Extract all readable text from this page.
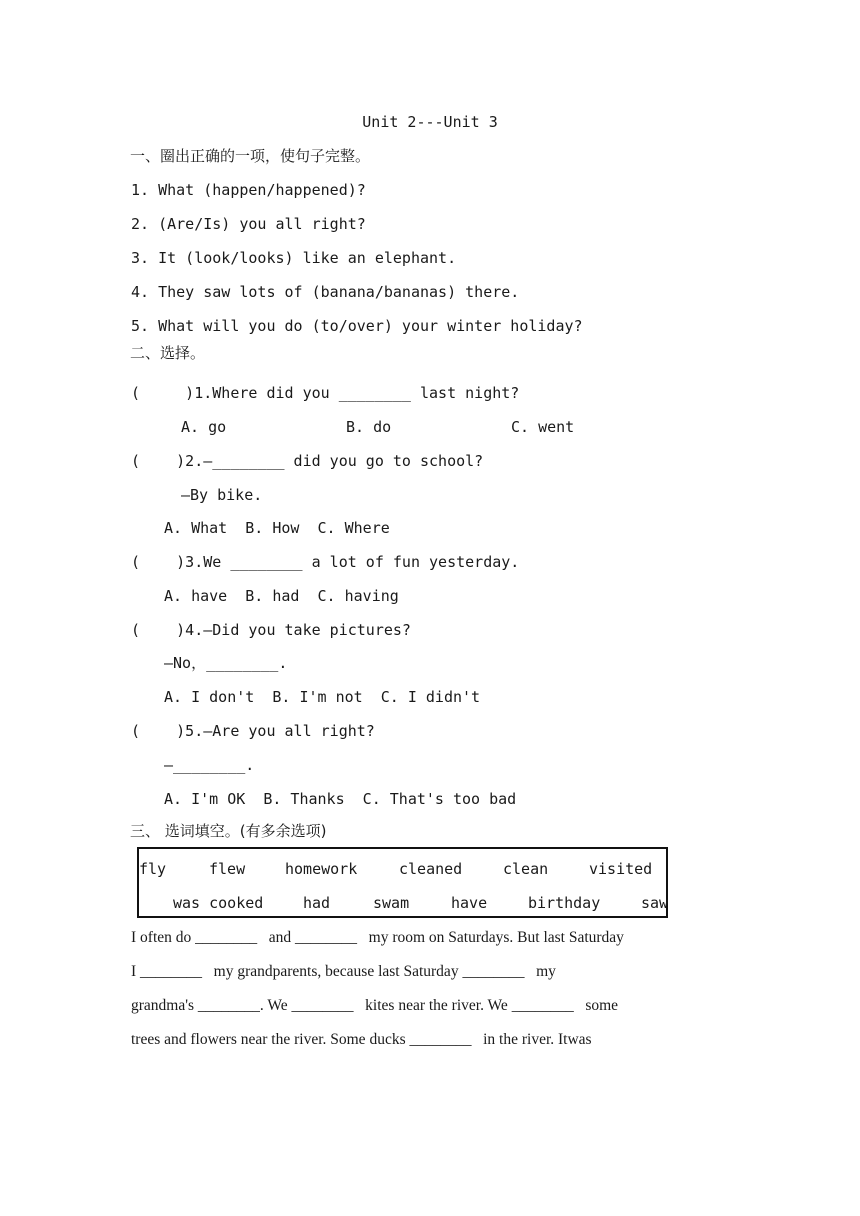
Unit 2---Unit 3
一、圈出正确的一项，使句子完整。
1. What (happen/happened)?
2. (Are/Is) you all right?
3. It (look/looks) like an elephant.
4. They saw lots of (banana/bananas) there.
5. What will you do (to/over) your winter holiday?
二、选择。
(     )1.Where did you ________ last night?
A. go	B. do	C. went
(    )2.—________ did you go to school?
—By bike.
A. What  B. How  C. Where
(    )3.We ________ a lot of fun yesterday.
A. have  B. had  C. having
(    )4.—Did you take pictures?
—No，________.
A. I don't  B. I'm not  C. I didn't
(    )5.—Are you all right?
—________.
A. I'm OK  B. Thanks  C. That's too bad
三、 选词填空。(有多余选项)
fly	flew	homework	cleaned	clean	visited
was cooked	had	swam	have	birthday	saw
I often do ________   and ________   my room on Saturdays. But last Saturday
I ________   my grandparents, because last Saturday ________   my
grandma's ________. We ________   kites near the river. We ________   some
trees and flowers near the river. Some ducks ________   in the river. Itwas
